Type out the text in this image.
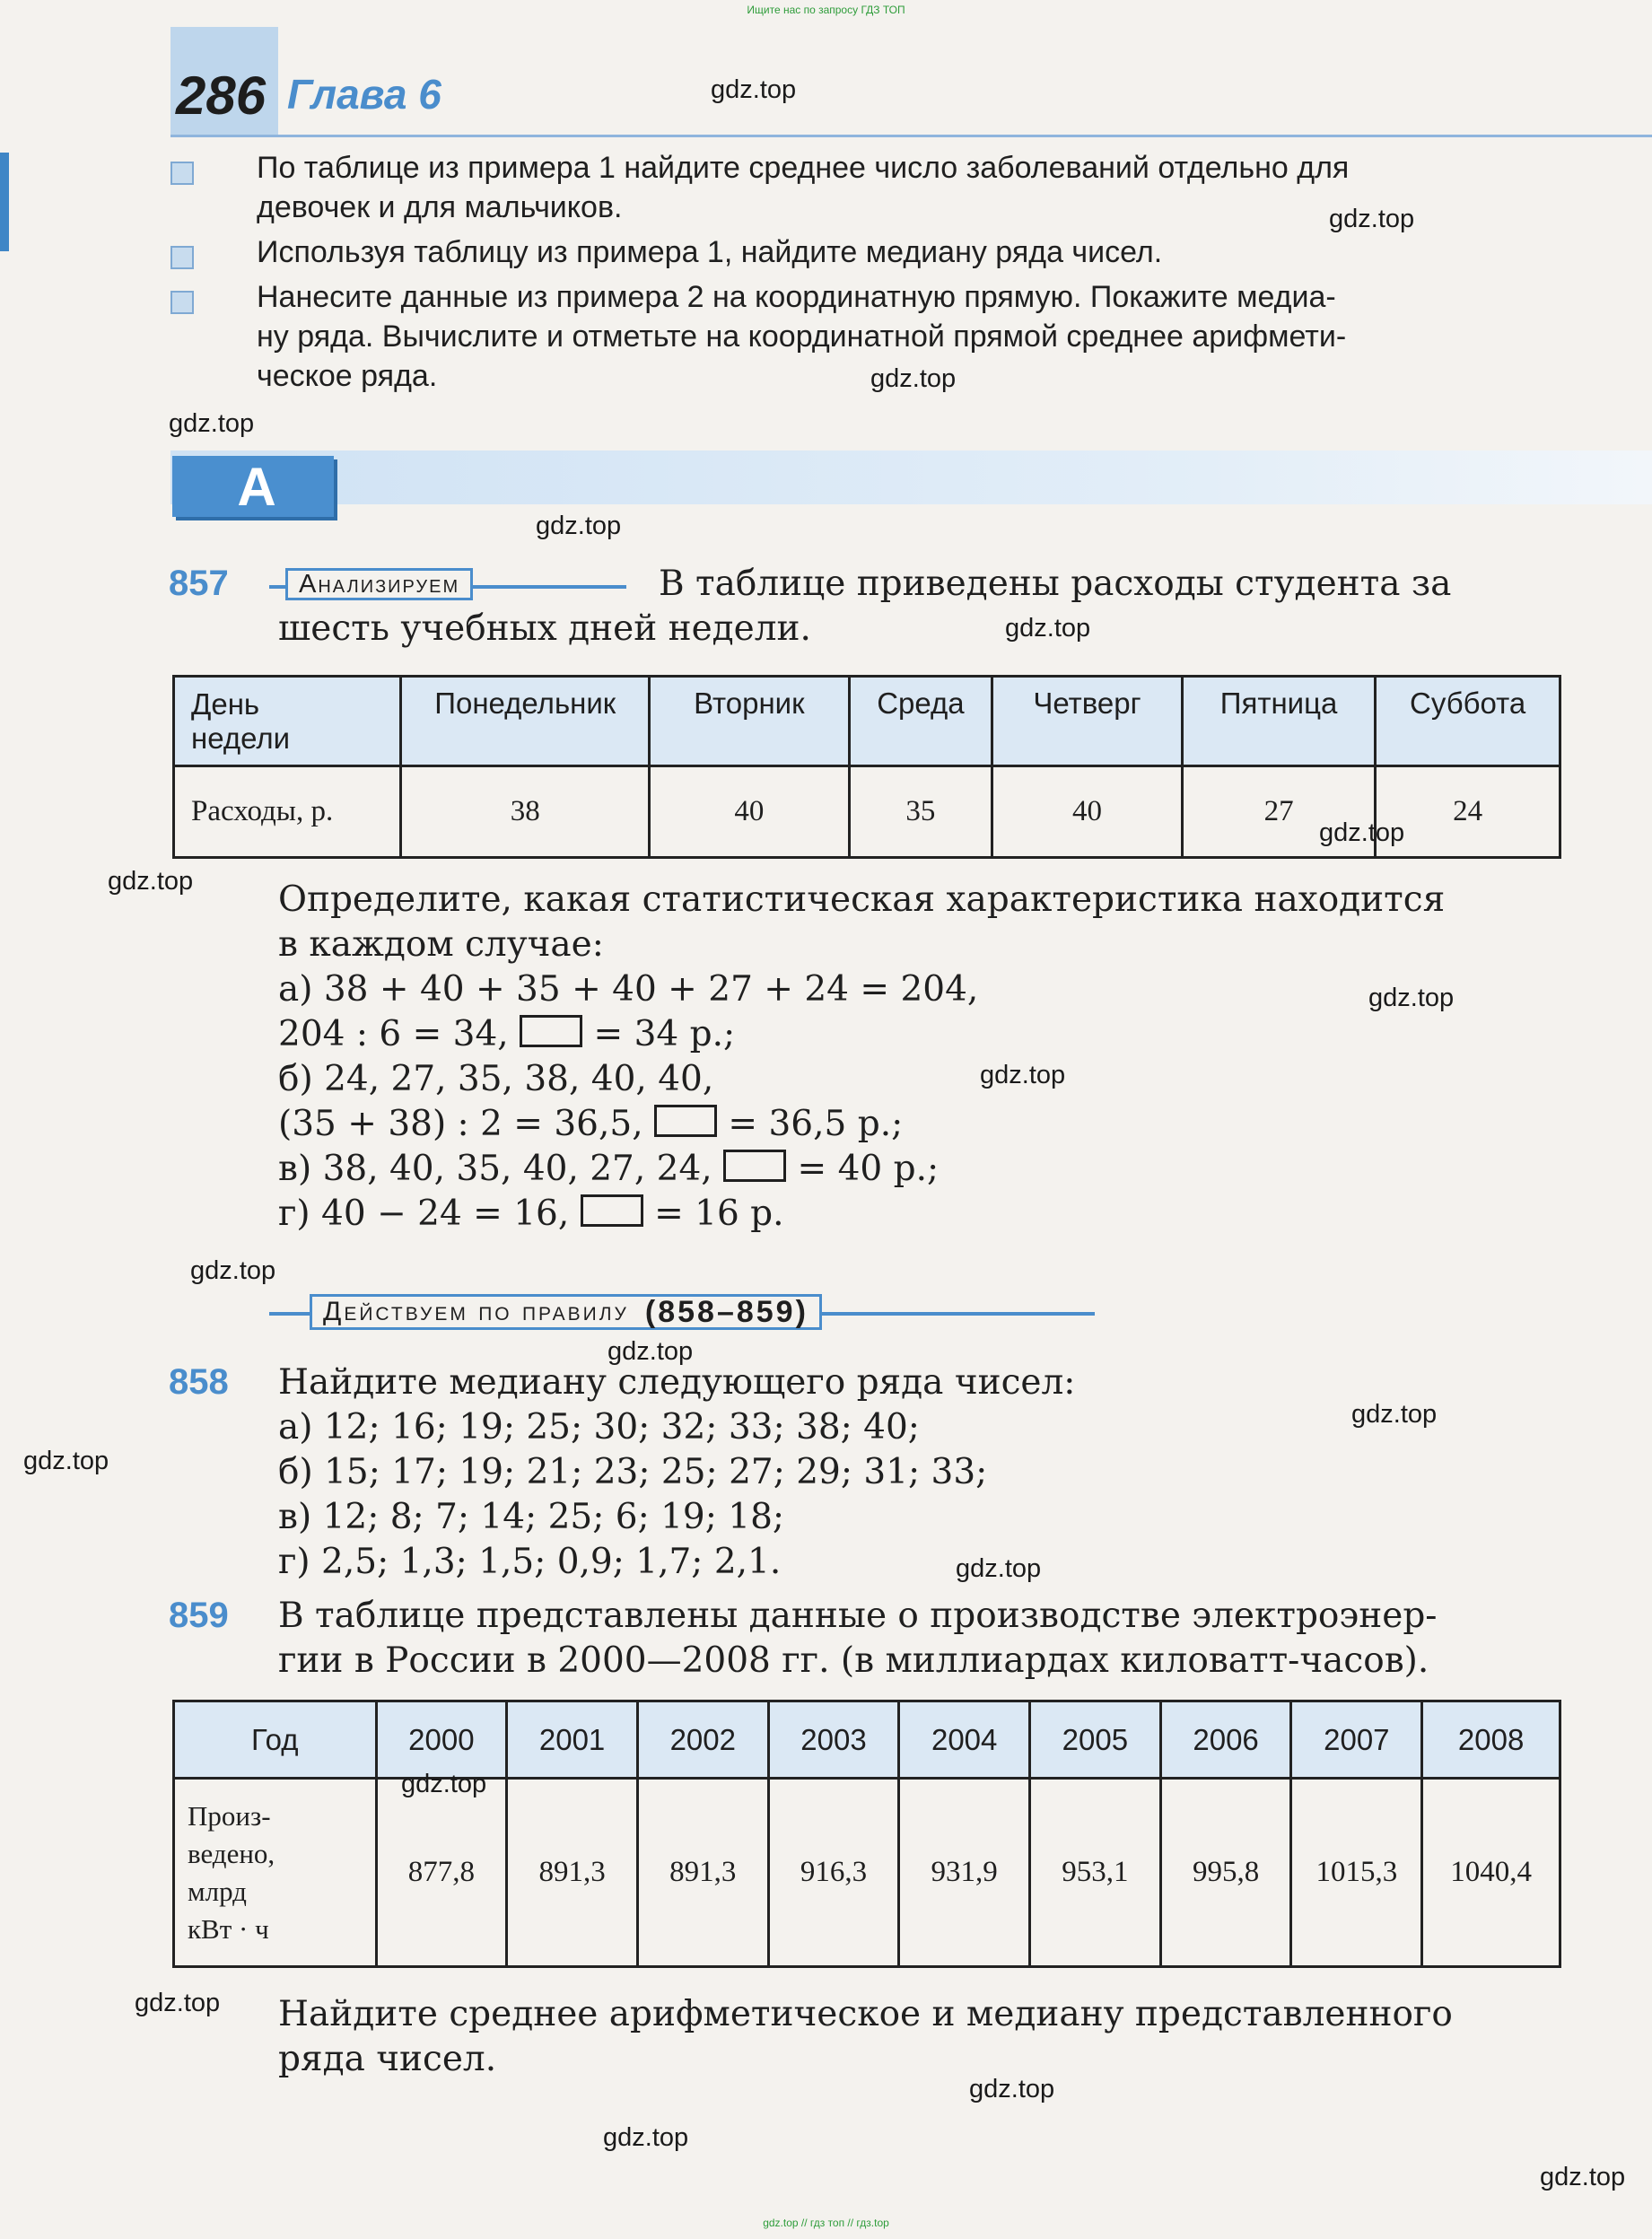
Ищите нас по запросу ГДЗ ТОП
286 Глава 6
По таблице из примера 1 найдите среднее число заболеваний отдельно для
девочек и для мальчиков.
Используя таблицу из примера 1, найдите медиану ряда чисел.
Нанесите данные из примера 2 на координатную прямую. Покажите медиа-
ну ряда. Вычислите и отметьте на координатной прямой среднее арифмети-
ческое ряда.
А
857	Анализируем	В таблице приведены расходы студента за
шесть учебных дней недели.
День
недели	Понедельник	Вторник	Среда	Четверг	Пятница	Суббота
Расходы, р.	38	40	35	40	27	24
Определите, какая статистическая характеристика находится
в каждом случае:
а) 38 + 40 + 35 + 40 + 27 + 24 = 204,
204 : 6 = 34, = 34 р.;
б) 24, 27, 35, 38, 40, 40,
(35 + 38) : 2 = 36,5, = 36,5 р.;
в) 38, 40, 35, 40, 27, 24, = 40 р.;
г) 40 − 24 = 16, = 16 р.
Действуем по правилу (858–859)
858 Найдите медиану следующего ряда чисел:
а) 12; 16; 19; 25; 30; 32; 33; 38; 40;
б) 15; 17; 19; 21; 23; 25; 27; 29; 31; 33;
в) 12; 8; 7; 14; 25; 6; 19; 18;
г) 2,5; 1,3; 1,5; 0,9; 1,7; 2,1.
859 В таблице представлены данные о производстве электроэнер-
гии в России в 2000—2008 гг. (в миллиардах киловатт-часов).
Год	2000	2001	2002	2003	2004	2005	2006	2007	2008

Произ-
ведено,
млрд
кВт · ч	877,8	891,3	891,3	916,3	931,9	953,1	995,8	1015,3	1040,4
Найдите среднее арифметическое и медиану представленного
ряда чисел.
gdz.top
gdz.top
gdz.top
gdz.top
gdz.top
gdz.top
gdz.top
gdz.top
gdz.top
gdz.top
gdz.top
gdz.top
gdz.top
gdz.top
gdz.top
gdz.top
gdz.top
gdz.top
gdz.top
gdz.top
gdz.top // гдз топ // гдз.top
